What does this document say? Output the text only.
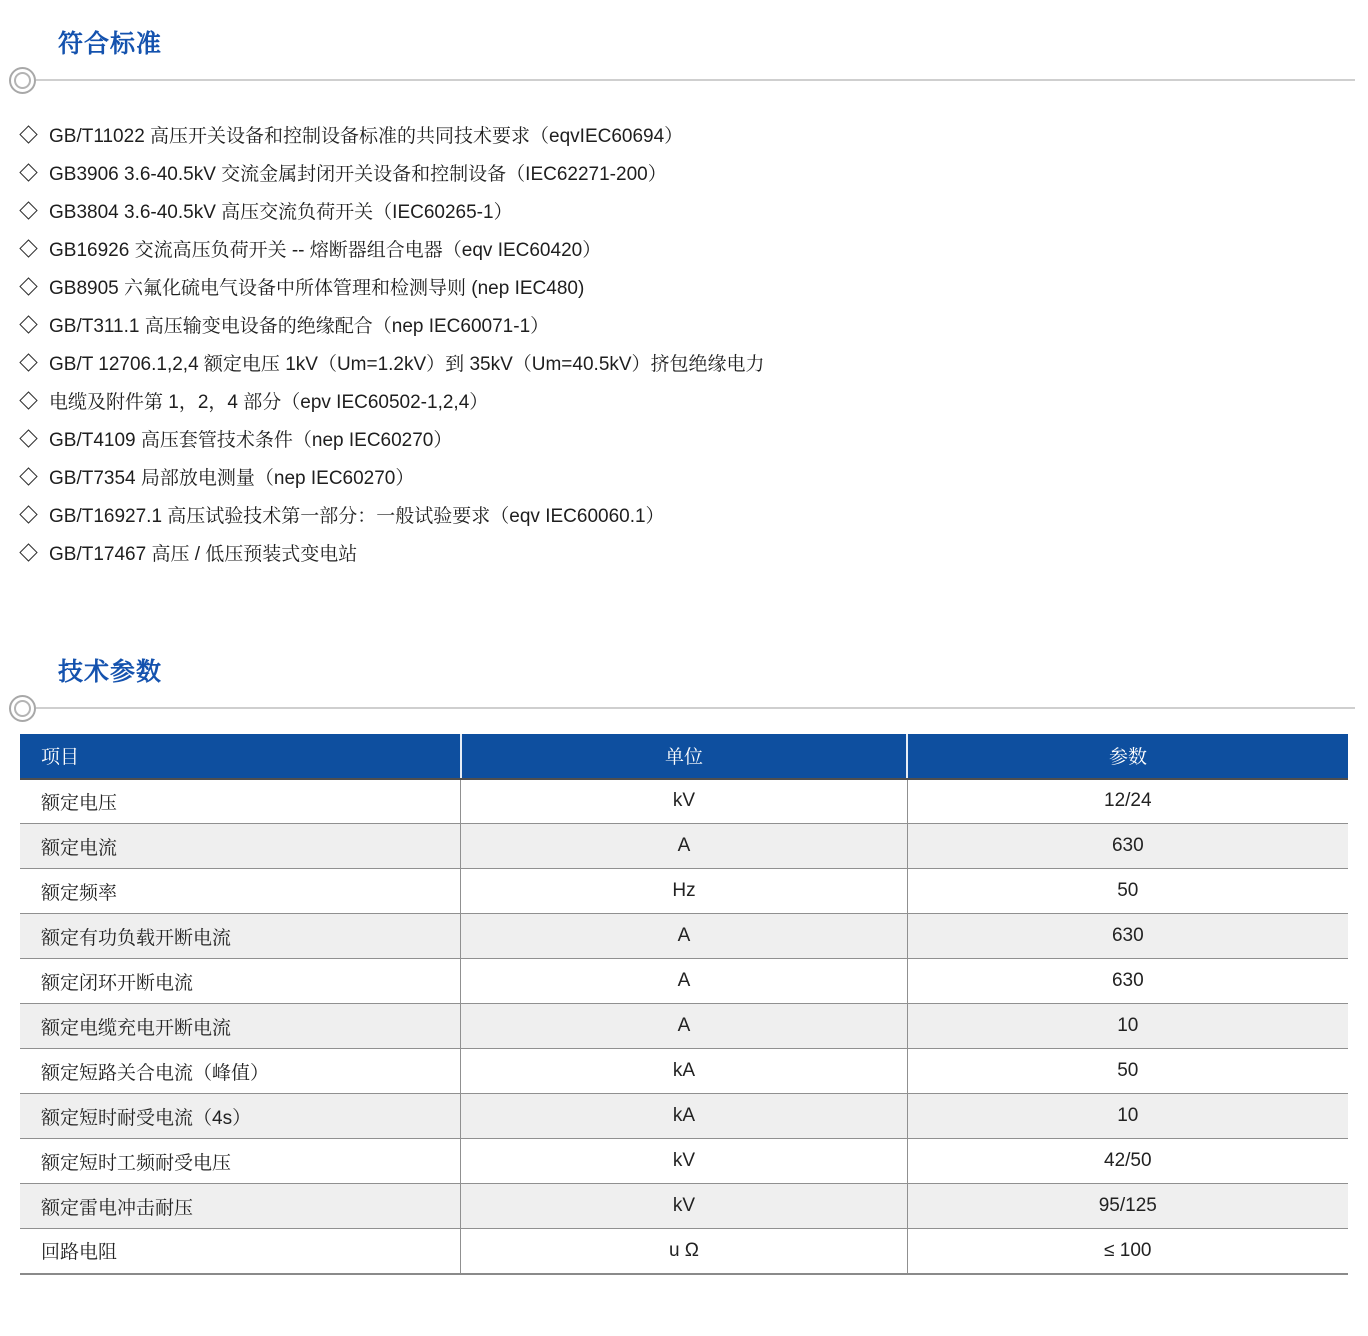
符合标准
GB/T11022 高压开关设备和控制设备标准的共同技术要求（eqvIEC60694）
GB3906 3.6-40.5kV 交流金属封闭开关设备和控制设备（IEC62271-200）
GB3804 3.6-40.5kV 高压交流负荷开关（IEC60265-1）
GB16926 交流高压负荷开关 -- 熔断器组合电器（eqv IEC60420）
GB8905 六氟化硫电气设备中所体管理和检测导则 (nep IEC480)
GB/T311.1 高压输变电设备的绝缘配合（nep IEC60071-1）
GB/T 12706.1,2,4 额定电压 1kV（Um=1.2kV）到 35kV（Um=40.5kV）挤包绝缘电力
电缆及附件第 1，2，4 部分（epv IEC60502-1,2,4）
GB/T4109 高压套管技术条件（nep IEC60270）
GB/T7354 局部放电测量（nep IEC60270）
GB/T16927.1 高压试验技术第一部分：一般试验要求（eqv IEC60060.1）
GB/T17467 高压 / 低压预装式变电站
技术参数
项目	单位	参数
额定电压	kV	12/24
额定电流	A	630
额定频率	Hz	50
额定有功负载开断电流	A	630
额定闭环开断电流	A	630
额定电缆充电开断电流	A	10
额定短路关合电流（峰值）	kA	50
额定短时耐受电流（4s）	kA	10
额定短时工频耐受电压	kV	42/50
额定雷电冲击耐压	kV	95/125
回路电阻	u Ω	≤ 100
